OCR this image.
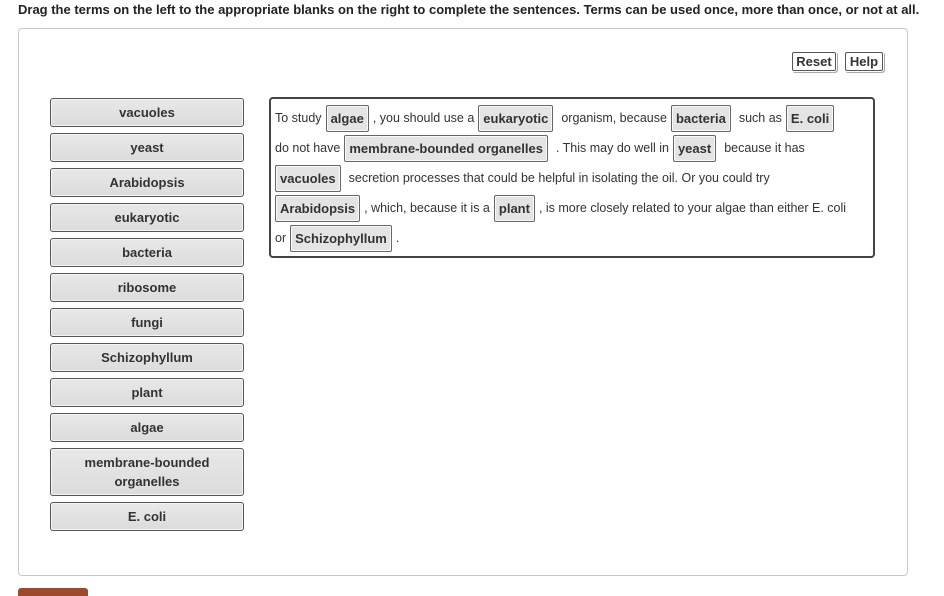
Drag the terms on the left to the appropriate blanks on the right to complete the sentences. Terms can be used once, more than once, or not at all.
Reset	Help
vacuoles
yeast
Arabidopsis
eukaryotic
bacteria
ribosome
fungi
Schizophyllum
plant
algae
membrane-bounded organelles
E. coli
To study algae , you should use a eukaryotic	organism, because bacteria	such as E. coli
do not have membrane-bounded organelles	. This may do well in yeast	because it has
vacuoles	secretion processes that could be helpful in isolating the oil. Or you could try
Arabidopsis , which, because it is a plant , is more closely related to your algae than either E. coli
or Schizophyllum .
